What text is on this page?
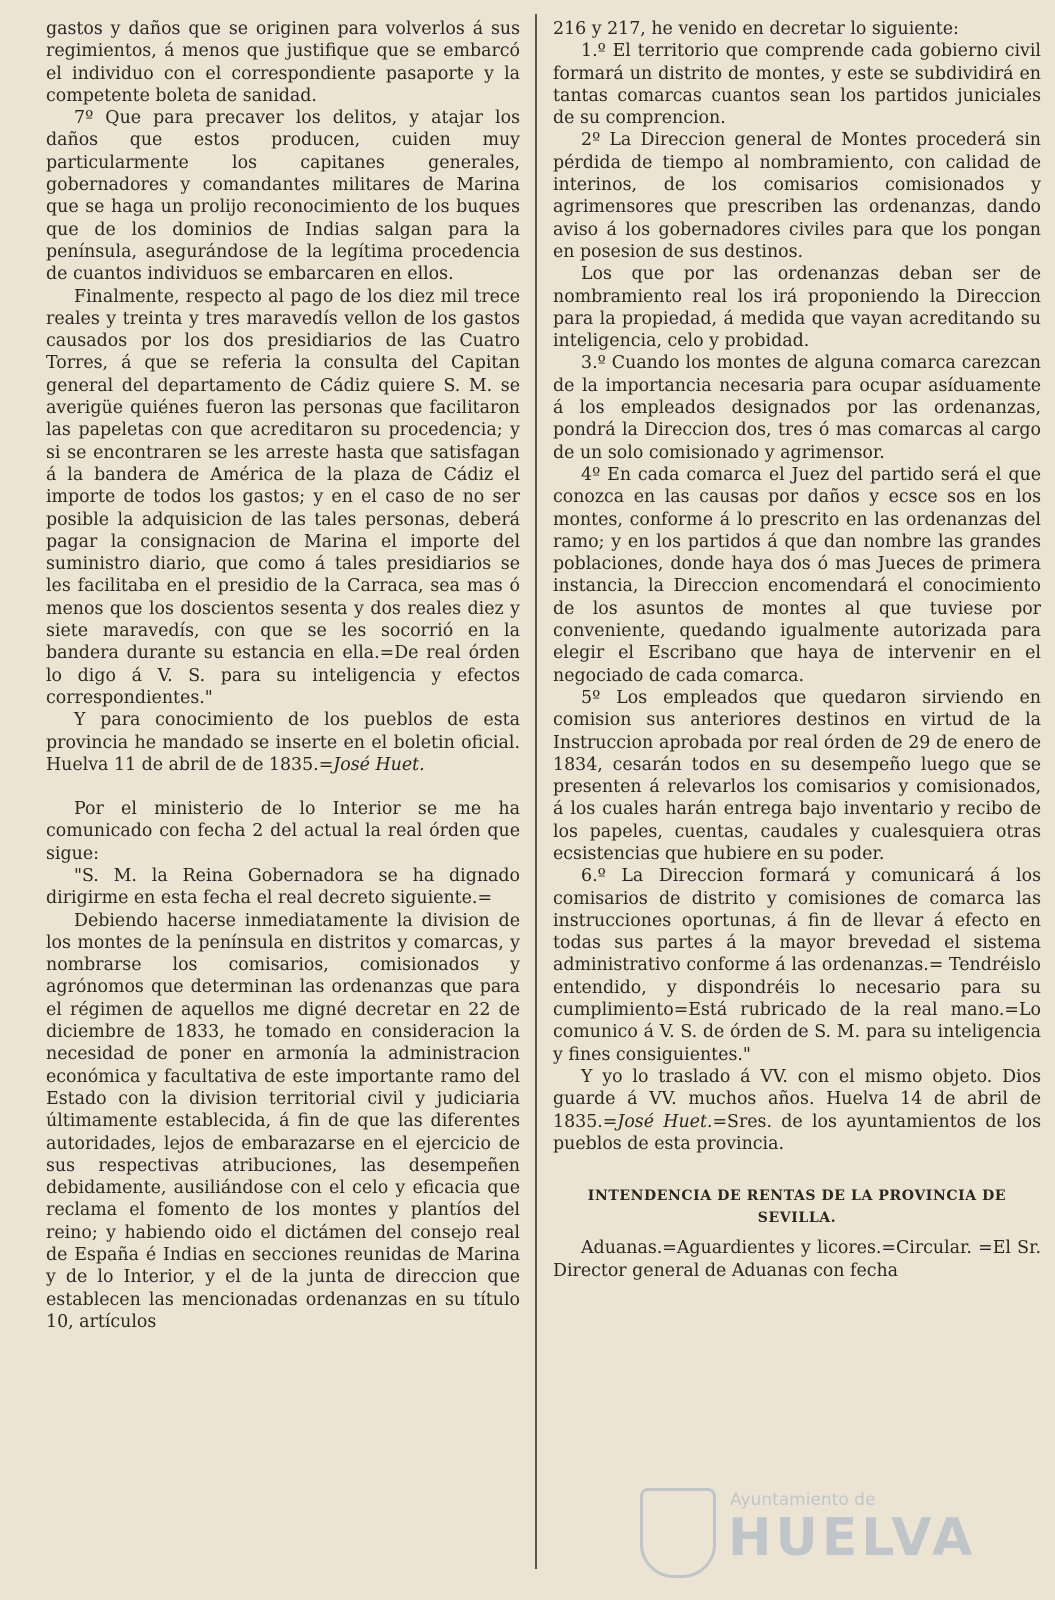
gastos y daños que se originen para volverlos á sus regimientos, á menos que justifique que se embarcó el individuo con el correspondiente pasaporte y la competente boleta de sanidad.

7º Que para precaver los delitos, y atajar los daños que estos producen, cuiden muy particularmente los capitanes generales, gobernadores y comandantes militares de Marina que se haga un prolijo reconocimiento de los buques que de los dominios de Indias salgan para la península, asegurándose de la legítima procedencia de cuantos individuos se embarcaren en ellos.

Finalmente, respecto al pago de los diez mil trece reales y treinta y tres maravedís vellon de los gastos causados por los dos presidiarios de las Cuatro Torres, á que se referia la consulta del Capitan general del departamento de Cádiz quiere S. M. se averigüe quiénes fueron las personas que facilitaron las papeletas con que acreditaron su procedencia; y si se encontraren se les arreste hasta que satisfagan á la bandera de América de la plaza de Cádiz el importe de todos los gastos; y en el caso de no ser posible la adquisicion de las tales personas, deberá pagar la consignacion de Marina el importe del suministro diario, que como á tales presidiarios se les facilitaba en el presidio de la Carraca, sea mas ó menos que los doscientos sesenta y dos reales diez y siete maravedís, con que se les socorrió en la bandera durante su estancia en ella.=De real órden lo digo á V. S. para su inteligencia y efectos correspondientes."

Y para conocimiento de los pueblos de esta provincia he mandado se inserte en el boletin oficial. Huelva 11 de abril de de 1835.=José Huet.

Por el ministerio de lo Interior se me ha comunicado con fecha 2 del actual la real órden que sigue:

"S. M. la Reina Gobernadora se ha dignado dirigirme en esta fecha el real decreto siguiente.=

Debiendo hacerse inmediatamente la division de los montes de la península en distritos y comarcas, y nombrarse los comisarios, comisionados y agrónomos que determinan las ordenanzas que para el régimen de aquellos me digné decretar en 22 de diciembre de 1833, he tomado en consideracion la necesidad de poner en armonía la administracion económica y facultativa de este importante ramo del Estado con la division territorial civil y judiciaria últimamente establecida, á fin de que las diferentes autoridades, lejos de embarazarse en el ejercicio de sus respectivas atribuciones, las desempeñen debidamente, ausiliándose con el celo y eficacia que reclama el fomento de los montes y plantíos del reino; y habiendo oido el dictámen del consejo real de España é Indias en secciones reunidas de Marina y de lo Interior, y el de la junta de direccion que establecen las mencionadas ordenanzas en su título 10, artículos

216 y 217, he venido en decretar lo siguiente:

1.º El territorio que comprende cada gobierno civil formará un distrito de montes, y este se subdividirá en tantas comarcas cuantos sean los partidos juniciales de su comprencion.

2º La Direccion general de Montes procederá sin pérdida de tiempo al nombramiento, con calidad de interinos, de los comisarios comisionados y agrimensores que prescriben las ordenanzas, dando aviso á los gobernadores civiles para que los pongan en posesion de sus destinos.

Los que por las ordenanzas deban ser de nombramiento real los irá proponiendo la Direccion para la propiedad, á medida que vayan acreditando su inteligencia, celo y probidad.

3.º Cuando los montes de alguna comarca carezcan de la importancia necesaria para ocupar asíduamente á los empleados designados por las ordenanzas, pondrá la Direccion dos, tres ó mas comarcas al cargo de un solo comisionado y agrimensor.

4º En cada comarca el Juez del partido será el que conozca en las causas por daños y ecsce sos en los montes, conforme á lo prescrito en las ordenanzas del ramo; y en los partidos á que dan nombre las grandes poblaciones, donde haya dos ó mas Jueces de primera instancia, la Direccion encomendará el conocimiento de los asuntos de montes al que tuviese por conveniente, quedando igualmente autorizada para elegir el Escribano que haya de intervenir en el negociado de cada comarca.

5º Los empleados que quedaron sirviendo en comision sus anteriores destinos en virtud de la Instruccion aprobada por real órden de 29 de enero de 1834, cesarán todos en su desempeño luego que se presenten á relevarlos los comisarios y comisionados, á los cuales harán entrega bajo inventario y recibo de los papeles, cuentas, caudales y cualesquiera otras ecsistencias que hubiere en su poder.

6.º La Direccion formará y comunicará á los comisarios de distrito y comisiones de comarca las instrucciones oportunas, á fin de llevar á efecto en todas sus partes á la mayor brevedad el sistema administrativo conforme á las ordenanzas.= Tendréislo entendido, y dispondréis lo necesario para su cumplimiento=Está rubricado de la real mano.=Lo comunico á V. S. de órden de S. M. para su inteligencia y fines consiguientes."

Y yo lo traslado á VV. con el mismo objeto. Dios guarde á VV. muchos años. Huelva 14 de abril de 1835.=José Huet.=Sres. de los ayuntamientos de los pueblos de esta provincia.

INTENDENCIA DE RENTAS DE LA PROVINCIA DE

SEVILLA.

Aduanas.=Aguardientes y licores.=Circular. =El Sr. Director general de Aduanas con fecha

Ayuntamiento de
HUELVA
